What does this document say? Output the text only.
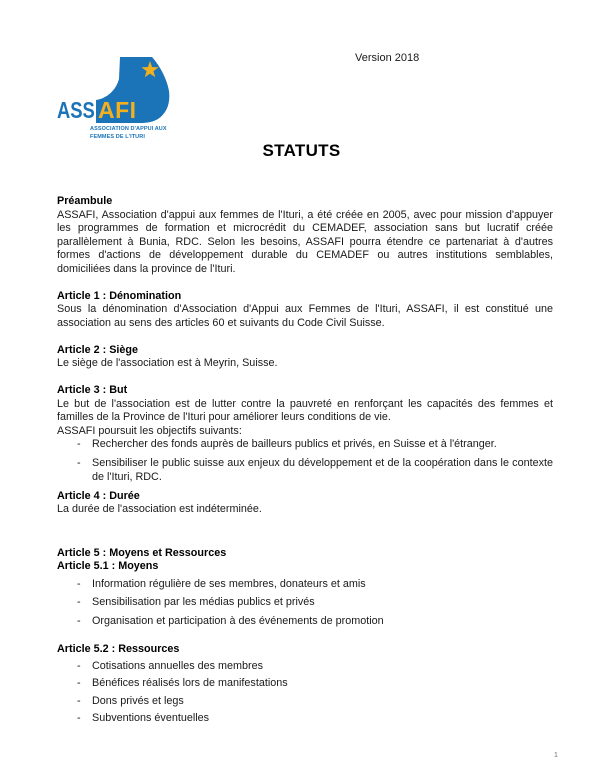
ASS AFI
ASSOCIATION D'APPUI AUX
FEMMES DE L'ITURI
Version 2018
STATUTS
Préambule

ASSAFI, Association d'appui aux femmes de l'Ituri, a été créée en 2005, avec pour mission d'appuyer les programmes de formation et microcrédit du CEMADEF, association sans but lucratif créée parallèlement à Bunia, RDC. Selon les besoins, ASSAFI pourra étendre ce partenariat à d'autres formes d'actions de développement durable du CEMADEF ou autres institutions semblables, domiciliées dans la province de l'Ituri.

Article 1 : Dénomination

Sous la dénomination d'Association d'Appui aux Femmes de l'Ituri, ASSAFI, il est constitué une association au sens des articles 60 et suivants du Code Civil Suisse.

Article 2 : Siège

Le siège de l'association est à Meyrin, Suisse.

Article 3 : But

Le but de l'association est de lutter contre la pauvreté en renforçant les capacités des femmes et familles de la Province de l'Ituri pour améliorer leurs conditions de vie.

ASSAFI poursuit les objectifs suivants:

-	Rechercher des fonds auprès de bailleurs publics et privés, en Suisse et à l'étranger.
-	Sensibiliser le public suisse aux enjeux du développement et de la coopération dans le contexte de l'Ituri, RDC.
Article 4 : Durée

La durée de l'association est indéterminée.

Article 5 : Moyens et Ressources
Article 5.1 : Moyens
-	Information régulière de ses membres, donateurs et amis
-	Sensibilisation par les médias publics et privés
-	Organisation et participation à des événements de promotion
Article 5.2 : Ressources
-	Cotisations annuelles des membres
-	Bénéfices réalisés lors de manifestations
-	Dons privés et legs
-	Subventions éventuelles
1
